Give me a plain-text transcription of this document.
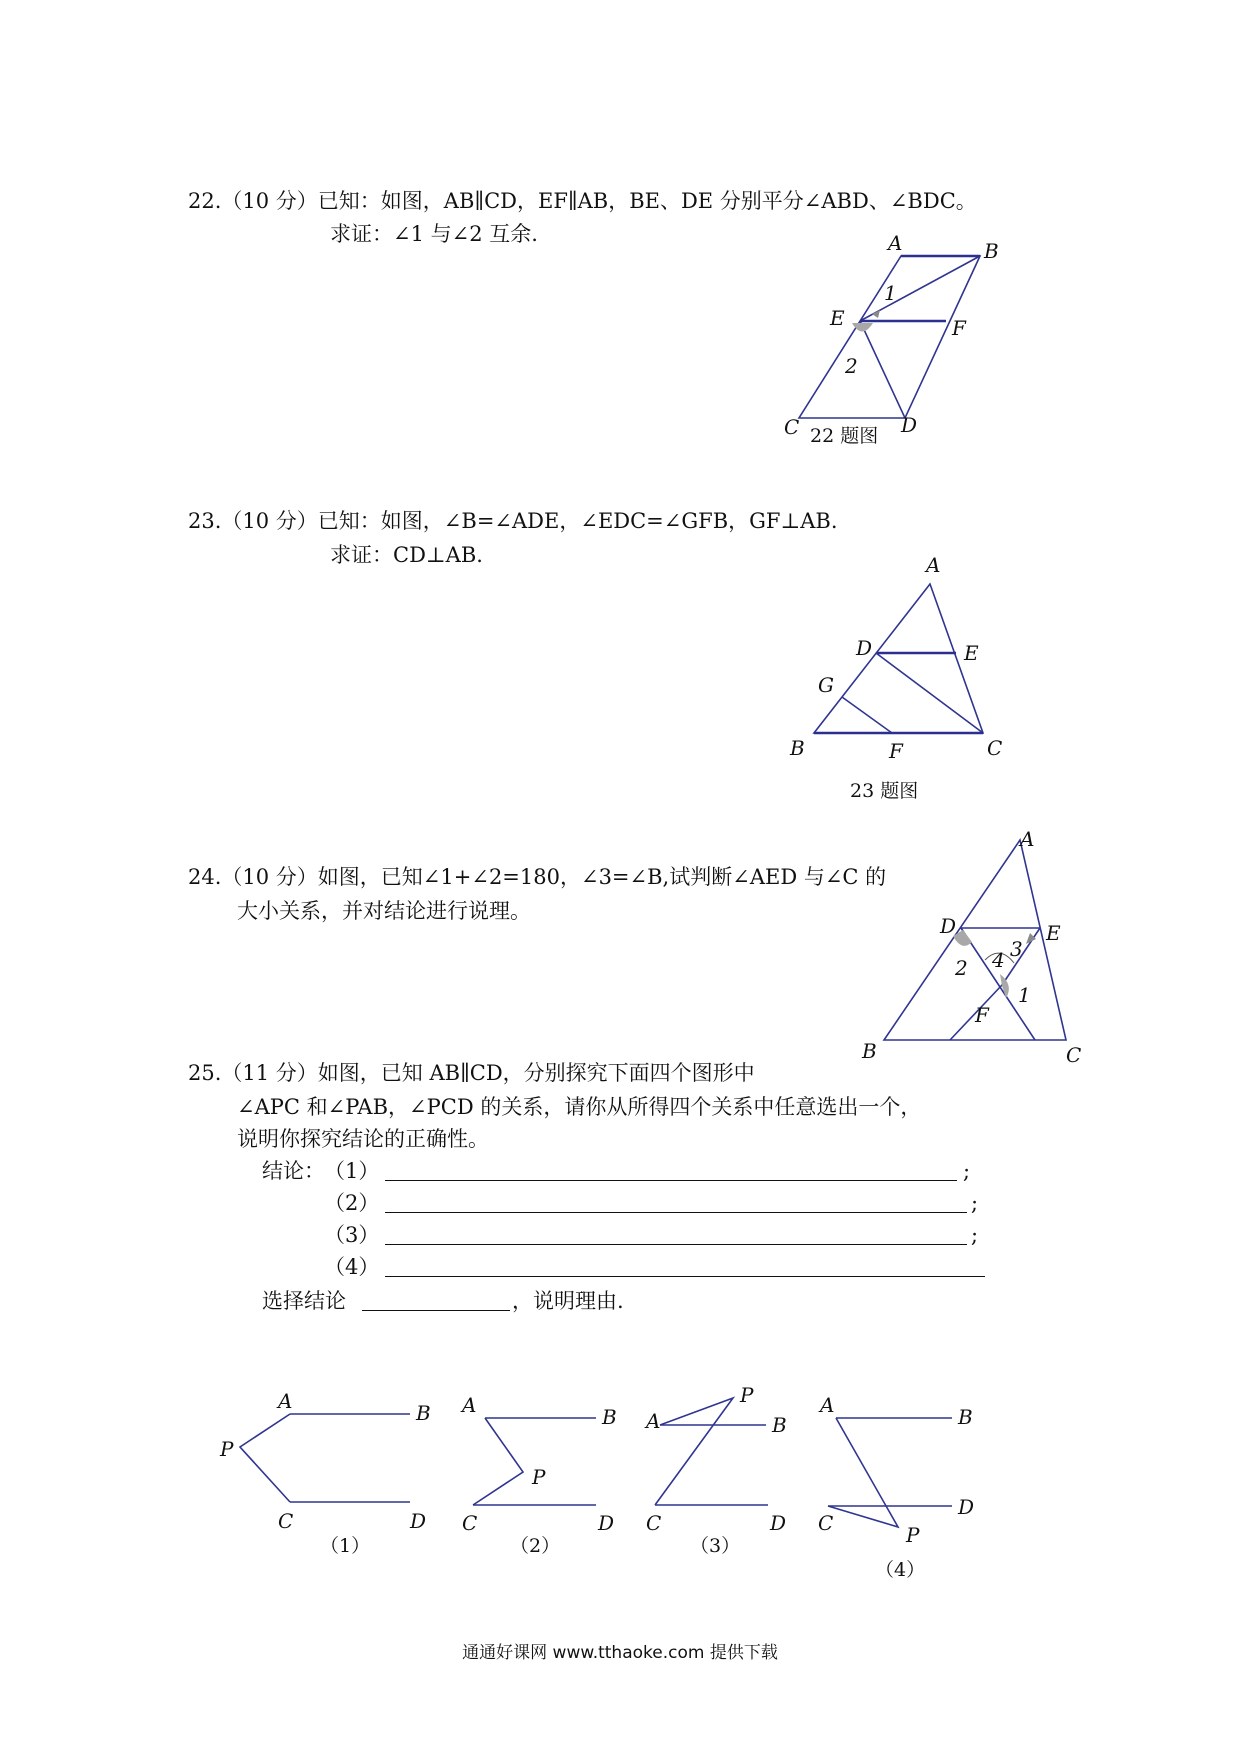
22.（10 分）已知：如图，AB∥CD，EF∥AB，BE、DE 分别平分∠ABD、∠BDC。
求证：∠1 与∠2 互余.	A	B
E	F
1
2
C	D
22 题图
23.（10 分）已知：如图，∠B=∠ADE，∠EDC=∠GFB，GF⊥AB.
求证：CD⊥AB.	A
D	E
G
B	F	C
23 题图
24.（10 分）如图，已知∠1+∠2=180，∠3=∠B,试判断∠AED 与∠C 的
大小关系，并对结论进行说理。
A
D	E
3
4
2
1
F
B	C
25.（11 分）如图，已知 AB∥CD，分别探究下面四个图形中
∠APC 和∠PAB，∠PCD 的关系，请你从所得四个关系中任意选出一个，
说明你探究结论的正确性。
结论： （1）	;
（2）	;
（3）	;
（4）
选择结论	，说明理由.
A	B
P
C	D
（1）
A	B
P
C	D
（2）
A
P
B
C	D
（3）
A	B
C
D
P
（4）
通通好课网 www.tthaoke.com 提供下载
